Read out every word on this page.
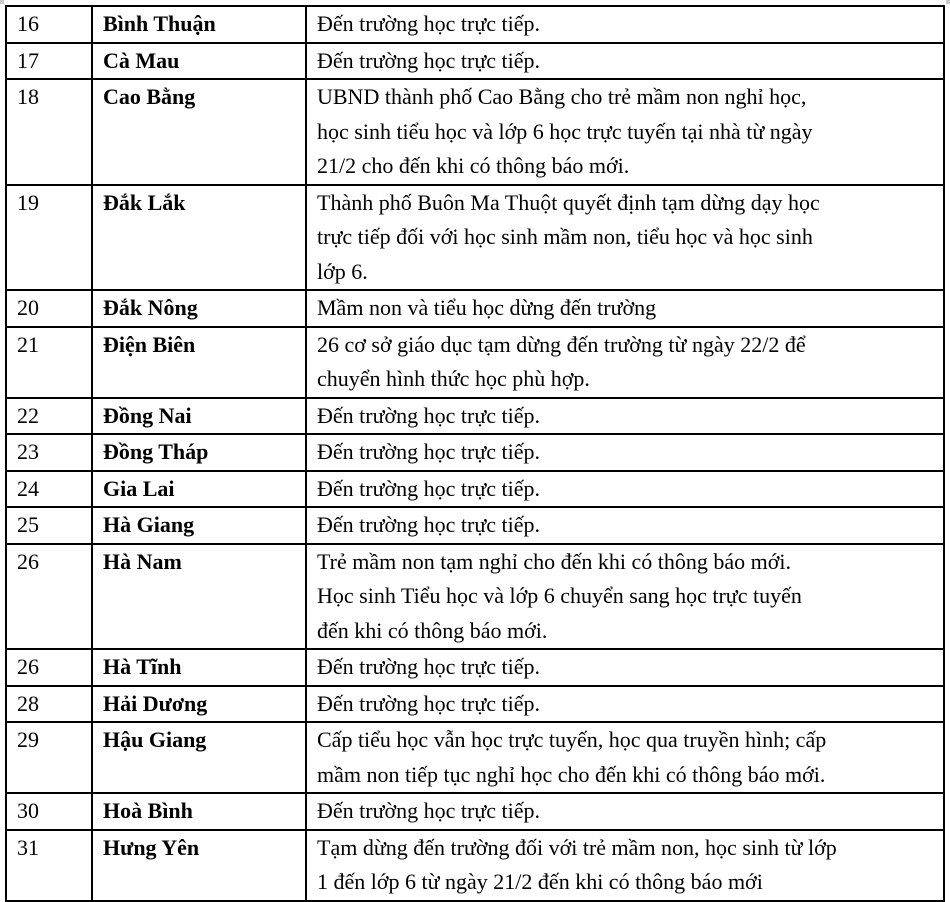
16	Bình Thuận	Đến trường học trực tiếp.
17	Cà Mau	Đến trường học trực tiếp.
18	Cao Bằng	UBND thành phố Cao Bằng cho trẻ mầm non nghỉ học,
học sinh tiểu học và lớp 6 học trực tuyến tại nhà từ ngày
21/2 cho đến khi có thông báo mới.

19	Đắk Lắk	Thành phố Buôn Ma Thuột quyết định tạm dừng dạy học
trực tiếp đối với học sinh mầm non, tiểu học và học sinh
lớp 6.

20	Đắk Nông	Mầm non và tiểu học dừng đến trường
21	Điện Biên	26 cơ sở giáo dục tạm dừng đến trường từ ngày 22/2 để
chuyển hình thức học phù hợp.

22	Đồng Nai	Đến trường học trực tiếp.
23	Đồng Tháp	Đến trường học trực tiếp.
24	Gia Lai	Đến trường học trực tiếp.
25	Hà Giang	Đến trường học trực tiếp.
26	Hà Nam	Trẻ mầm non tạm nghỉ cho đến khi có thông báo mới.
Học sinh Tiểu học và lớp 6 chuyển sang học trực tuyến
đến khi có thông báo mới.

26	Hà Tĩnh	Đến trường học trực tiếp.
28	Hải Dương	Đến trường học trực tiếp.
29	Hậu Giang	Cấp tiểu học vẫn học trực tuyến, học qua truyền hình; cấp
mầm non tiếp tục nghỉ học cho đến khi có thông báo mới.

30	Hoà Bình	Đến trường học trực tiếp.
31	Hưng Yên	Tạm dừng đến trường đối với trẻ mầm non, học sinh từ lớp
1 đến lớp 6 từ ngày 21/2 đến khi có thông báo mới
